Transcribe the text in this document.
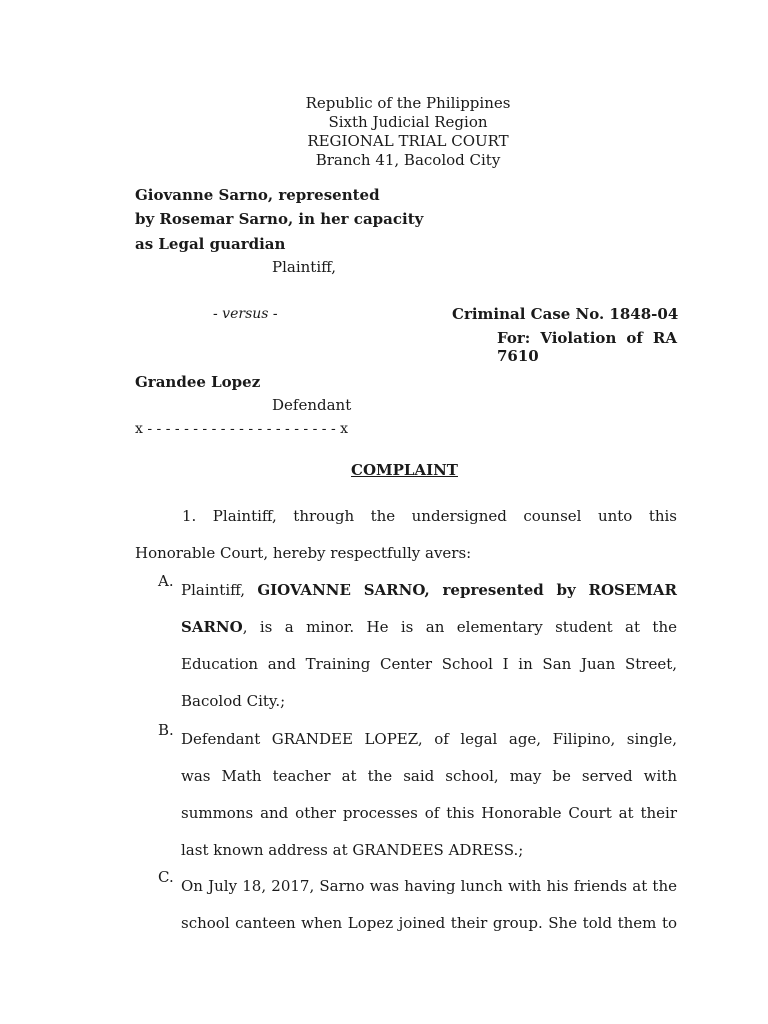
Republic of the Philippines
Sixth Judicial Region
REGIONAL TRIAL COURT
Branch 41, Bacolod City
Giovanne Sarno, represented
by Rosemar Sarno, in her capacity
as Legal guardian
Plaintiff,
- versus -	Criminal Case No. 1848-04
For: Violation of RA
7610
Grandee Lopez
Defendant
x - - - - - - - - - - - - - - - - - - - - - x
COMPLAINT
1. Plaintiff, through the undersigned counsel unto this
Honorable Court, hereby respectfully avers:
A. Plaintiff, GIOVANNE SARNO, represented by ROSEMAR
SARNO, is a minor. He is an elementary student at the
Education and Training Center School I in San Juan Street,
Bacolod City.;
B. Defendant GRANDEE LOPEZ, of legal age, Filipino, single,
was Math teacher at the said school, may be served with
summons and other processes of this Honorable Court at their
last known address at GRANDEES ADRESS.;
C. On July 18, 2017, Sarno was having lunch with his friends at the
school canteen when Lopez joined their group. She told them to
